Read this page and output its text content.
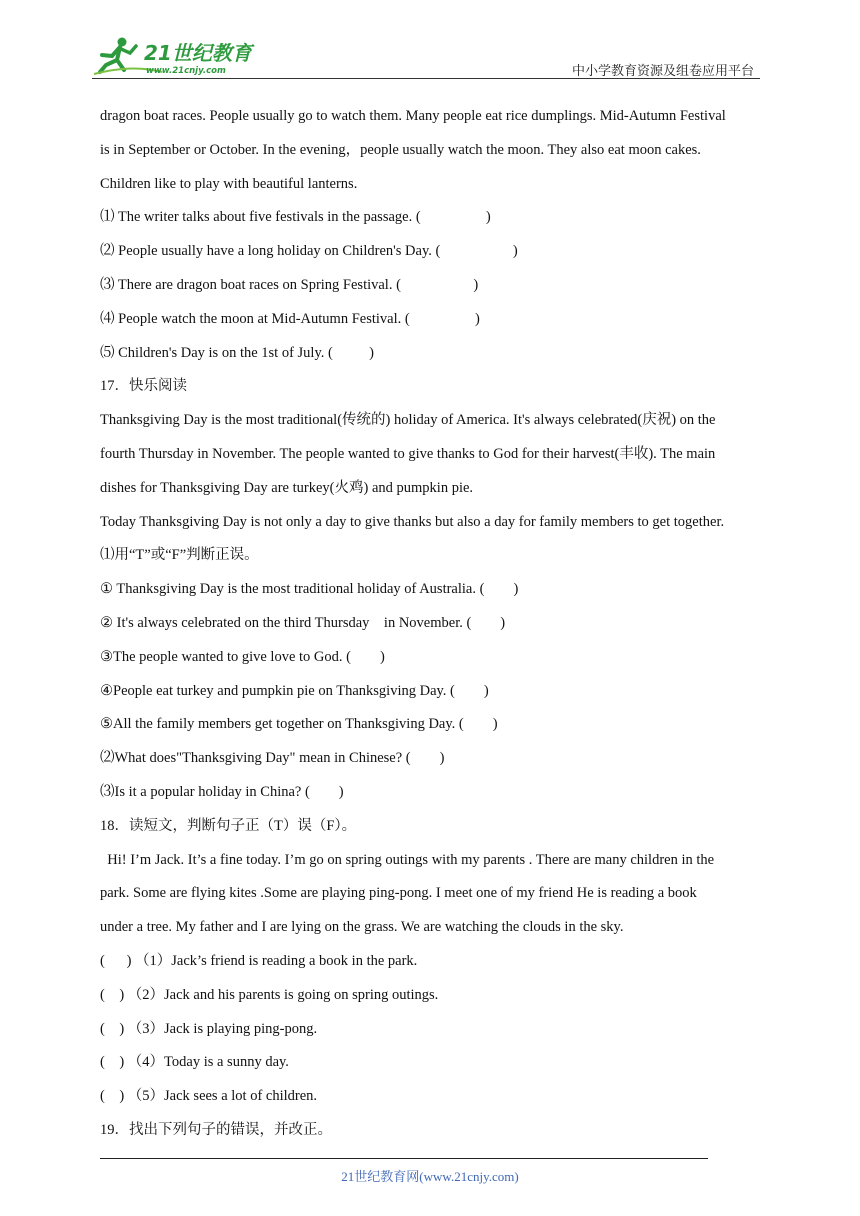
21世纪教育
www.21cnjy.com	中小学教育资源及组卷应用平台
dragon boat races. People usually go to watch them. Many people eat rice dumplings. Mid-Autumn Festival
is in September or October. In the evening，people usually watch the moon. They also eat moon cakes.
Children like to play with beautiful lanterns.
⑴ The writer talks about five festivals in the passage. (                  )
⑵ People usually have a long holiday on Children's Day. (                    )
⑶ There are dragon boat races on Spring Festival. (                    )
⑷ People watch the moon at Mid-Autumn Festival. (                  )
⑸ Children's Day is on the 1st of July. (          )
17．快乐阅读
Thanksgiving Day is the most traditional(传统的) holiday of America. It's always celebrated(庆祝) on the
fourth Thursday in November. The people wanted to give thanks to God for their harvest(丰收). The main
dishes for Thanksgiving Day are turkey(火鸡) and pumpkin pie.
Today Thanksgiving Day is not only a day to give thanks but also a day for family members to get together.
⑴用“T”或“F”判断正误。
① Thanksgiving Day is the most traditional holiday of Australia. (        )
② It's always celebrated on the third Thursday    in November. (        )
③The people wanted to give love to God. (        )
④People eat turkey and pumpkin pie on Thanksgiving Day. (        )
⑤All the family members get together on Thanksgiving Day. (        )
⑵What does"Thanksgiving Day" mean in Chinese? (        )
⑶Is it a popular holiday in China? (        )
18．读短文，判断句子正（T）误（F）。
Hi! I’m Jack. It’s a fine today. I’m go on spring outings with my parents . There are many children in the
park. Some are flying kites .Some are playing ping-pong. I meet one of my friend He is reading a book
under a tree. My father and I are lying on the grass. We are watching the clouds in the sky.
(      ) （1）Jack’s friend is reading a book in the park.
(    ) （2）Jack and his parents is going on spring outings.
(    ) （3）Jack is playing ping-pong.
(    ) （4）Today is a sunny day.
(    ) （5）Jack sees a lot of children.
19．找出下列句子的错误，并改正。
21世纪教育网(www.21cnjy.com)
